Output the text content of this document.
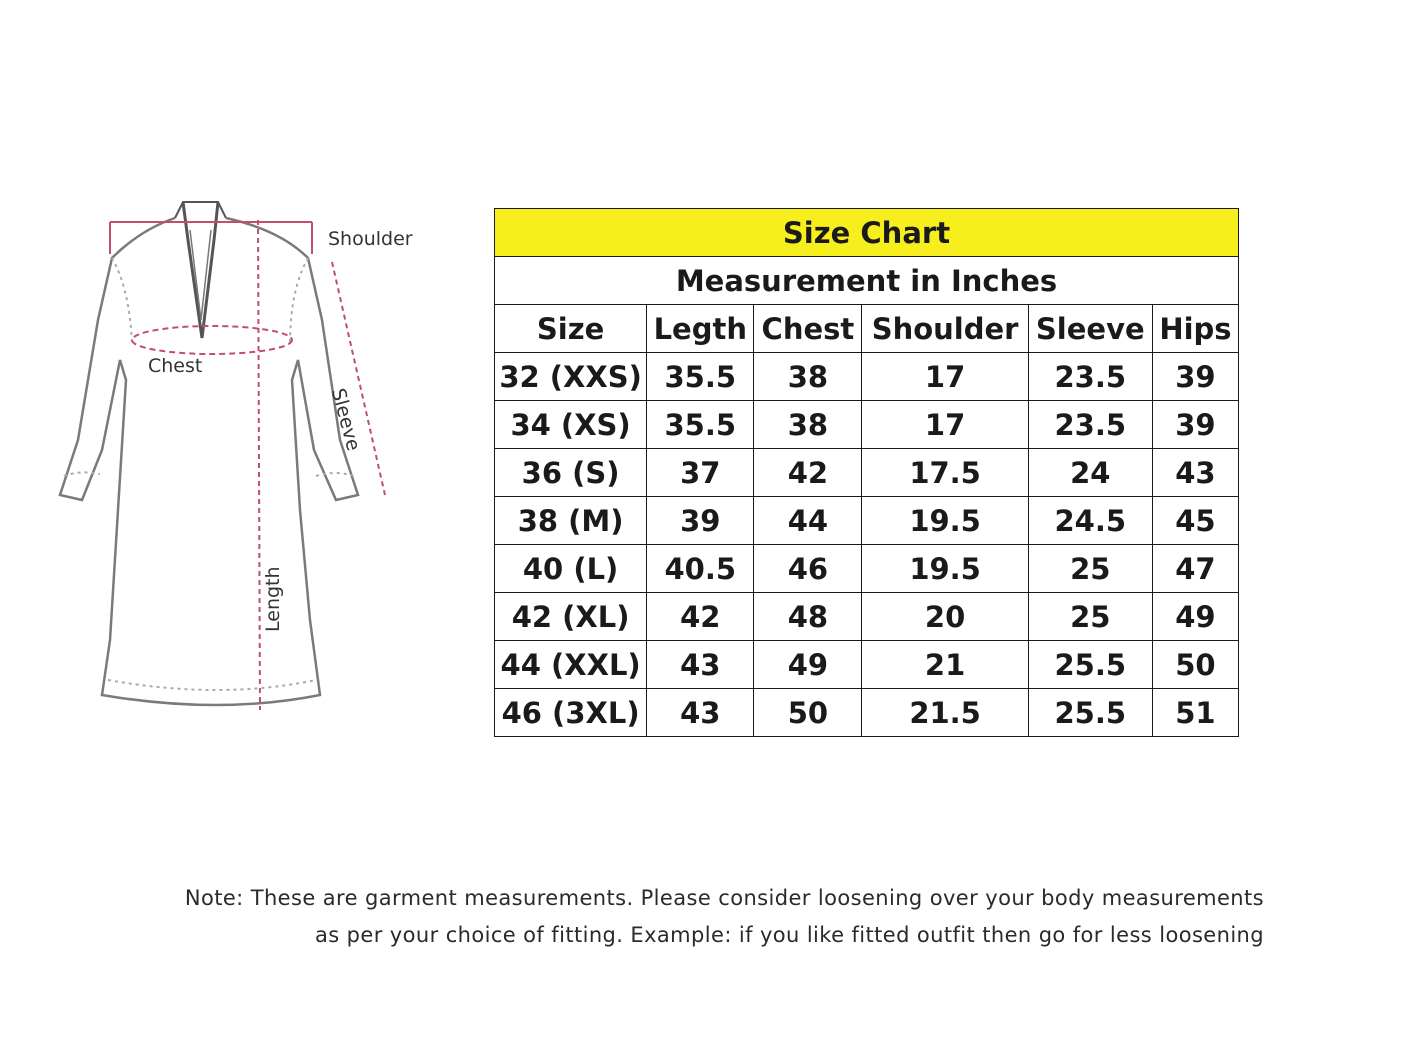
Shoulder
Chest
Sleeve
Length
Size Chart					
Measurement in Inches					
Size	Legth	Chest	Shoulder	Sleeve	Hips
32 (XXS)	35.5	38	17	23.5	39
34 (XS)	35.5	38	17	23.5	39
36 (S)	37	42	17.5	24	43
38 (M)	39	44	19.5	24.5	45
40 (L)	40.5	46	19.5	25	47
42 (XL)	42	48	20	25	49
44 (XXL)	43	49	21	25.5	50
46 (3XL)	43	50	21.5	25.5	51
Note: These are garment measurements. Please consider loosening over your body measurements
as per your choice of fitting. Example: if you like fitted outfit then go for less loosening
